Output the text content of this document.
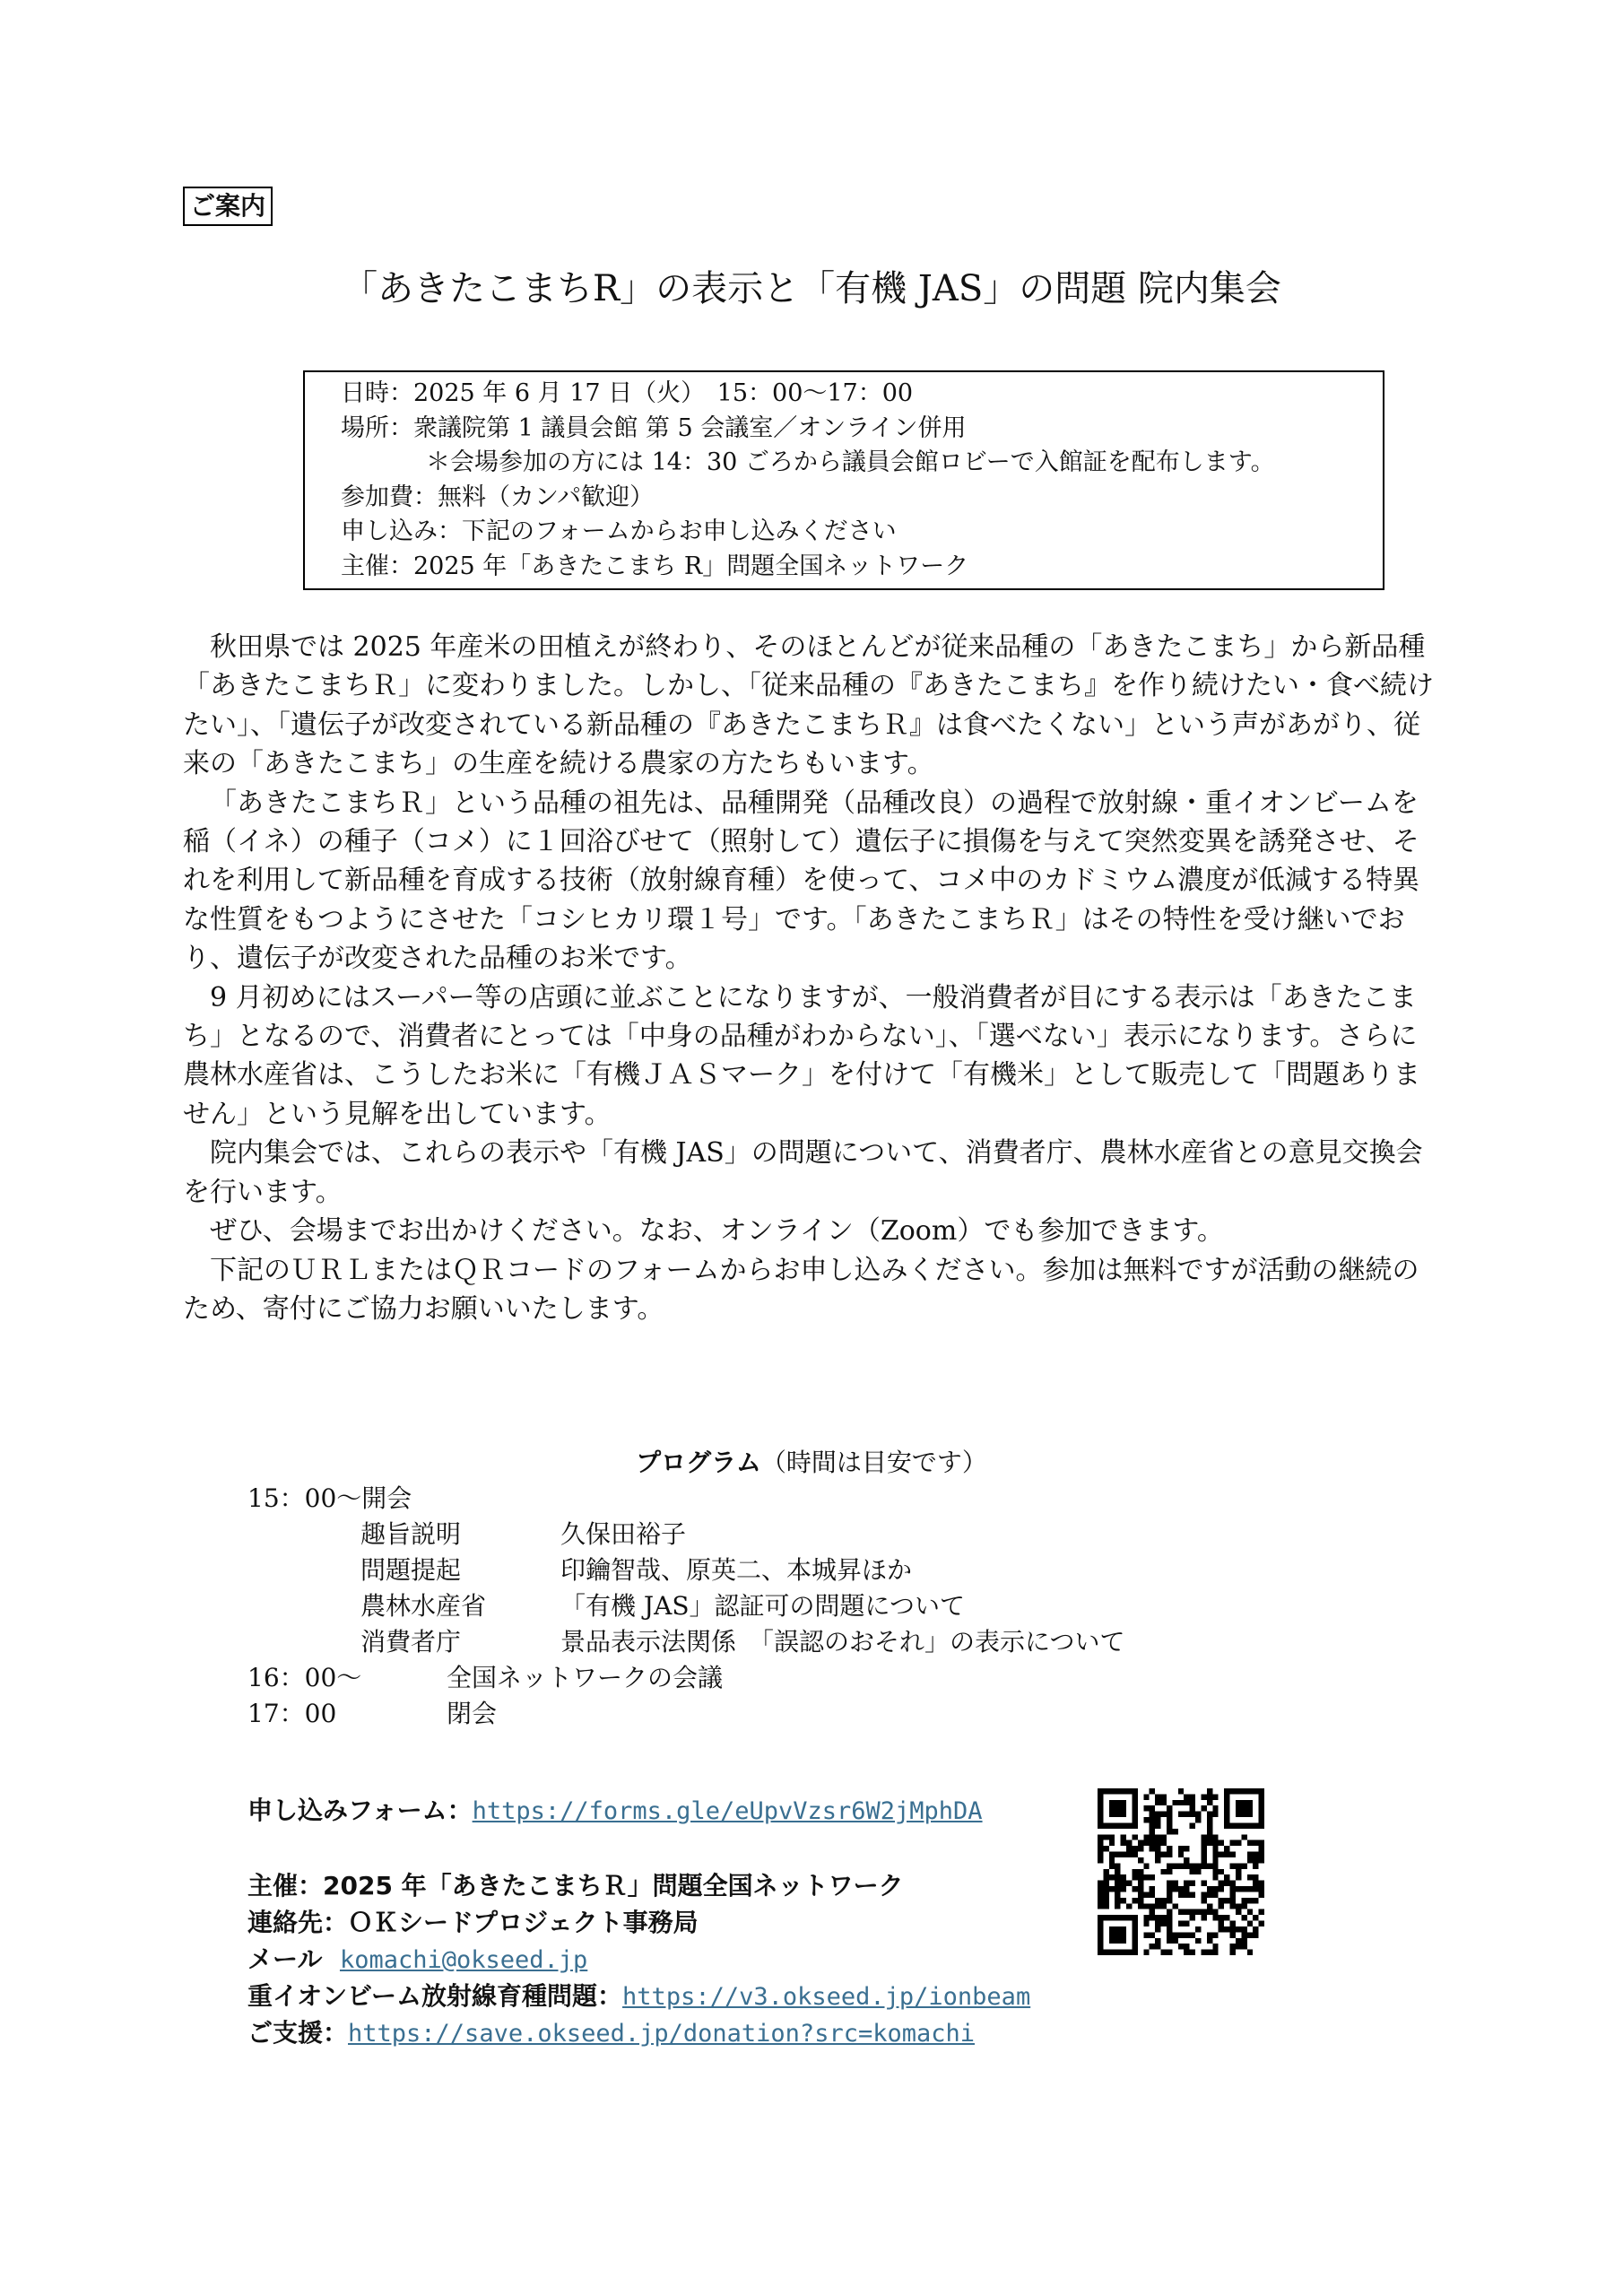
ご案内
「あきたこまちR」の表示と「有機 JAS」の問題 院内集会
日時：2025 年 6 月 17 日（火）　15：00～17：00
場所：衆議院第 1 議員会館 第 5 会議室／オンライン併用
＊会場参加の方には 14：30 ごろから議員会館ロビーで入館証を配布します。
参加費：無料（カンパ歓迎）
申し込み：下記のフォームからお申し込みください
主催：2025 年「あきたこまち R」問題全国ネットワーク

秋田県では 2025 年産米の田植えが終わり、そのほとんどが従来品種の「あきたこまち」から新品種「あきたこまちＲ」に変わりました。しかし、「従来品種の『あきたこまち』を作り続けたい・食べ続けたい」、「遺伝子が改変されている新品種の『あきたこまちＲ』は食べたくない」という声があがり、従来の「あきたこまち」の生産を続ける農家の方たちもいます。

「あきたこまちＲ」という品種の祖先は、品種開発（品種改良）の過程で放射線・重イオンビームを稲（イネ）の種子（コメ）に１回浴びせて（照射して）遺伝子に損傷を与えて突然変異を誘発させ、それを利用して新品種を育成する技術（放射線育種）を使って、コメ中のカドミウム濃度が低減する特異な性質をもつようにさせた「コシヒカリ環１号」です。「あきたこまちＲ」はその特性を受け継いでおり、遺伝子が改変された品種のお米です。

9 月初めにはスーパー等の店頭に並ぶことになりますが、一般消費者が目にする表示は「あきたこまち」となるので、消費者にとっては「中身の品種がわからない」、「選べない」表示になります。さらに農林水産省は、こうしたお米に「有機ＪＡＳマーク」を付けて「有機米」として販売して「問題ありません」という見解を出しています。

院内集会では、これらの表示や「有機 JAS」の問題について、消費者庁、農林水産省との意見交換会を行います。

ぜひ、会場までお出かけください。なお、オンライン（Zoom）でも参加できます。

下記のＵＲＬまたはＱＲコードのフォームからお申し込みください。参加は無料ですが活動の継続のため、寄付にご協力お願いいたします。

プログラム（時間は目安です）
15：00～開会
趣旨説明	久保田裕子
問題提起	印鑰智哉、原英二、本城昇ほか
農林水産省	「有機 JAS」認証可の問題について
消費者庁	景品表示法関係　「誤認のおそれ」の表示について
16：00～	全国ネットワークの会議
17：00	閉会
申し込みフォーム：https://forms.gle/eUpvVzsr6W2jMphDA
主催：2025 年「あきたこまちＲ」問題全国ネットワーク
連絡先：ＯＫシードプロジェクト事務局
メール komachi@okseed.jp
重イオンビーム放射線育種問題：https://v3.okseed.jp/ionbeam
ご支援：https://save.okseed.jp/donation?src=komachi
